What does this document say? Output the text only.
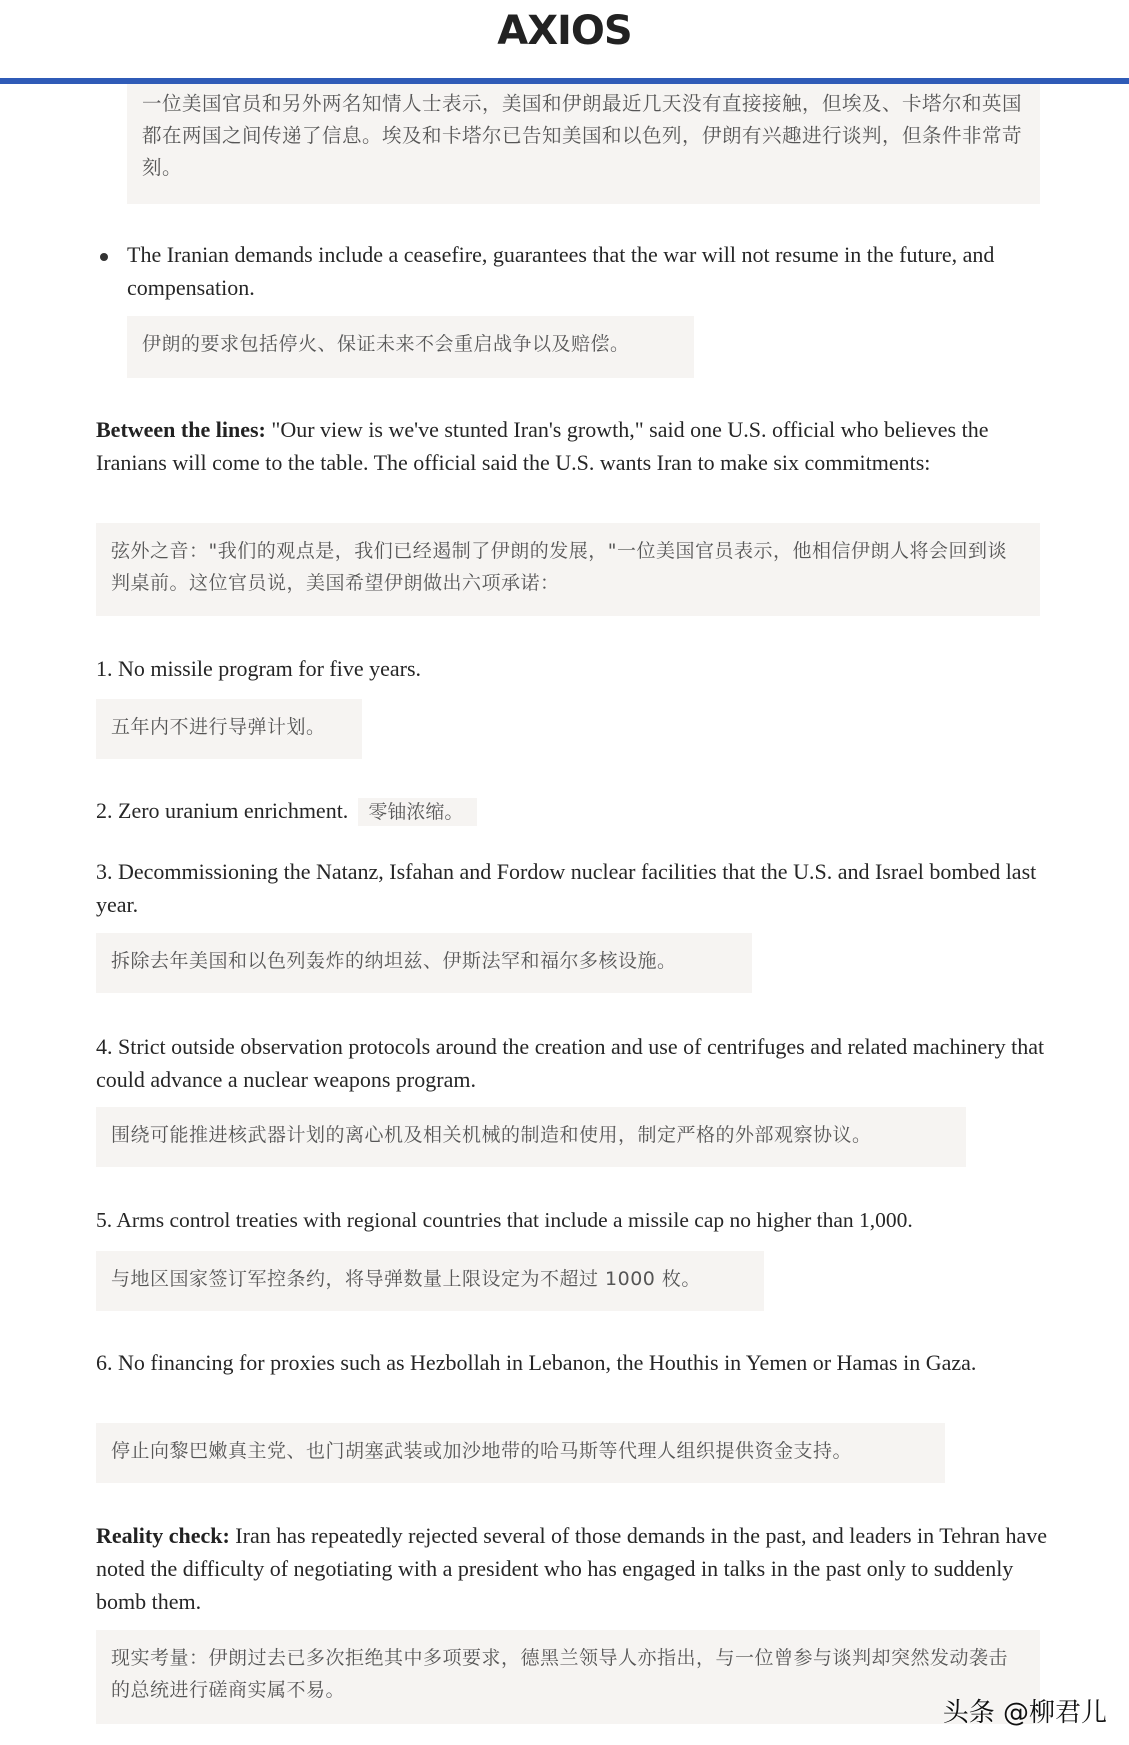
AXIOS
一位美国官员和另外两名知情人士表示，美国和伊朗最近几天没有直接接触，但埃及、卡塔尔和英国都在两国之间传递了信息。埃及和卡塔尔已告知美国和以色列，伊朗有兴趣进行谈判，但条件非常苛刻。
The Iranian demands include a ceasefire, guarantees that the war will not resume in the future, and compensation.
伊朗的要求包括停火、保证未来不会重启战争以及赔偿。
Between the lines: "Our view is we've stunted Iran's growth," said one U.S. official who believes the Iranians will come to the table. The official said the U.S. wants Iran to make six commitments:
弦外之音："我们的观点是，我们已经遏制了伊朗的发展，"一位美国官员表示，他相信伊朗人将会回到谈判桌前。这位官员说，美国希望伊朗做出六项承诺：
1. No missile program for five years.
五年内不进行导弹计划。
2. Zero uranium enrichment. 零铀浓缩。
3. Decommissioning the Natanz, Isfahan and Fordow nuclear facilities that the U.S. and Israel bombed last year.
拆除去年美国和以色列轰炸的纳坦兹、伊斯法罕和福尔多核设施。
4. Strict outside observation protocols around the creation and use of centrifuges and related machinery that could advance a nuclear weapons program.
围绕可能推进核武器计划的离心机及相关机械的制造和使用，制定严格的外部观察协议。
5. Arms control treaties with regional countries that include a missile cap no higher than 1,000.
与地区国家签订军控条约，将导弹数量上限设定为不超过 1000 枚。
6. No financing for proxies such as Hezbollah in Lebanon, the Houthis in Yemen or Hamas in Gaza.
停止向黎巴嫩真主党、也门胡塞武装或加沙地带的哈马斯等代理人组织提供资金支持。
Reality check: Iran has repeatedly rejected several of those demands in the past, and leaders in Tehran have noted the difficulty of negotiating with a president who has engaged in talks in the past only to suddenly bomb them.
现实考量：伊朗过去已多次拒绝其中多项要求，德黑兰领导人亦指出，与一位曾参与谈判却突然发动袭击的总统进行磋商实属不易。
头条 @柳君儿
